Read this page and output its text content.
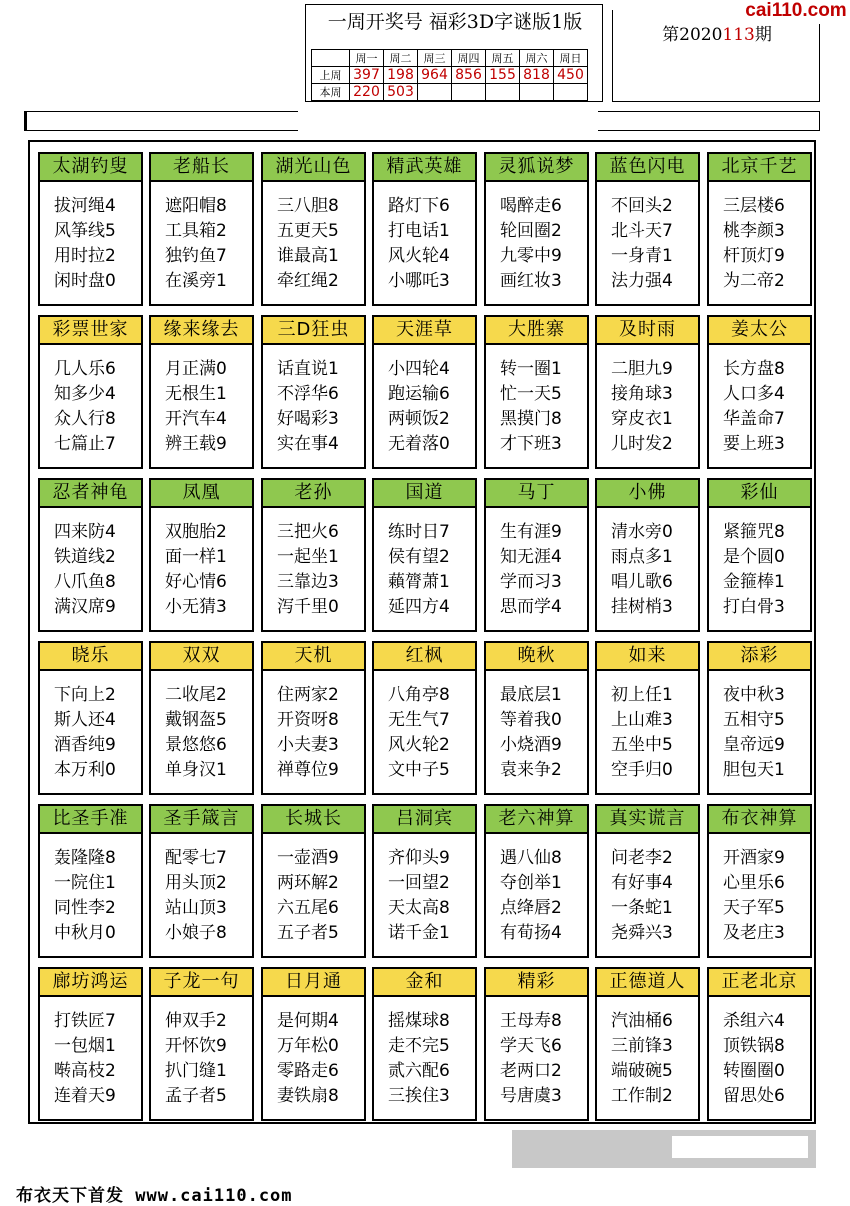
一周开奖号 福彩3D字谜版1版
	周一	周二	周三	周四	周五	周六	周日
上周	397	198	964	856	155	818	450
本周	220	503					
第2020113期
cai110.com
太湖钓叟
拔河绳4
风筝线5
用时拉2
闲时盘0
老船长
遮阳帽8
工具箱2
独钓鱼7
在溪旁1
湖光山色
三八胆8
五更天5
谁最高1
牵红绳2
精武英雄
路灯下6
打电话1
风火轮4
小哪吒3
灵狐说梦
喝醉走6
轮回圈2
九零中9
画红妆3
蓝色闪电
不回头2
北斗天7
一身青1
法力强4
北京千艺
三层楼6
桃李颜3
杆顶灯9
为二帝2
彩票世家
几人乐6
知多少4
众人行8
七篇止7
缘来缘去
月正满0
无根生1
开汽车4
辨王载9
三D狂虫
话直说1
不浮华6
好喝彩3
实在事4
天涯草
小四轮4
跑运输6
两顿饭2
无着落0
大胜寨
转一圈1
忙一天5
黑摸门8
才下班3
及时雨
二胆九9
接角球3
穿皮衣1
儿时发2
姜太公
长方盘8
人口多4
华盖命7
要上班3
忍者神龟
四来防4
铁道线2
八爪鱼8
满汉席9
凤凰
双胞胎2
面一样1
好心情6
小无猜3
老孙
三把火6
一起坐1
三靠边3
泻千里0
国道
练时日7
侯有望2
藾膂萧1
延四方4
马丁
生有涯9
知无涯4
学而习3
思而学4
小佛
清水旁0
雨点多1
唱儿歌6
挂树梢3
彩仙
紧箍咒8
是个圆0
金箍棒1
打白骨3
晓乐
下向上2
斯人还4
酒香纯9
本万利0
双双
二收尾2
戴钢盔5
景悠悠6
单身汉1
天机
住两家2
开资呀8
小夫妻3
禅尊位9
红枫
八角亭8
无生气7
风火轮2
文中子5
晚秋
最底层1
等着我0
小烧酒9
袁来争2
如来
初上任1
上山难3
五坐中5
空手归0
添彩
夜中秋3
五相守5
皇帝远9
胆包天1
比圣手准
轰隆隆8
一院住1
同性李2
中秋月0
圣手箴言
配零七7
用头顶2
站山顶3
小娘子8
长城长
一壶酒9
两环解2
六五尾6
五子者5
吕洞宾
齐仰头9
一回望2
天太高8
诺千金1
老六神算
遇八仙8
夺创举1
点绛唇2
有荀扬4
真实谎言
问老李2
有好事4
一条蛇1
尧舜兴3
布衣神算
开酒家9
心里乐6
天子军5
及老庄3
廊坊鸿运
打铁匠7
一包烟1
啭高枝2
连着天9
子龙一句
伸双手2
开怀饮9
扒门缝1
孟子者5
日月通
是何期4
万年松0
零路走6
妻铁扇8
金和
摇煤球8
走不完5
贰六配6
三挨住3
精彩
王母寿8
学天飞6
老两口2
号唐虞3
正德道人
汽油桶6
三前锋3
端破碗5
工作制2
正老北京
杀组六4
顶铁锅8
转圈圈0
留思处6
布衣天下首发 www.cai110.com
